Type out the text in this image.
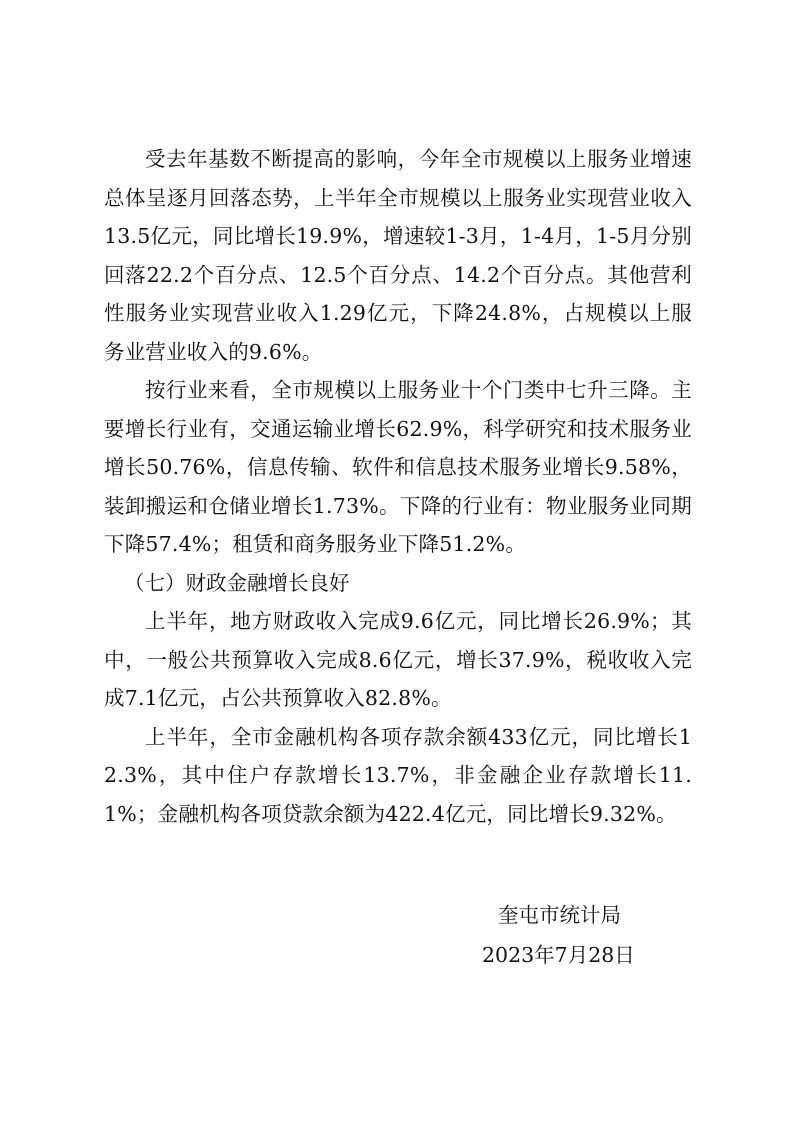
受去年基数不断提高的影响，今年全市规模以上服务业增速总体呈逐月回落态势，上半年全市规模以上服务业实现营业收入13.5亿元，同比增长19.9%，增速较1-3月，1-4月，1-5月分别回落22.2个百分点、12.5个百分点、14.2个百分点。其他营利性服务业实现营业收入1.29亿元，下降24.8%，占规模以上服务业营业收入的9.6%。

按行业来看，全市规模以上服务业十个门类中七升三降。主要增长行业有，交通运输业增长62.9%，科学研究和技术服务业增长50.76%，信息传输、软件和信息技术服务业增长9.58%，装卸搬运和仓储业增长1.73%。下降的行业有：物业服务业同期下降57.4%；租赁和商务服务业下降51.2%。

（七）财政金融增长良好

上半年，地方财政收入完成9.6亿元，同比增长26.9%；其中，一般公共预算收入完成8.6亿元，增长37.9%，税收收入完成7.1亿元，占公共预算收入82.8%。

上半年，全市金融机构各项存款余额433亿元，同比增长12.3%，其中住户存款增长13.7%，非金融企业存款增长11.1%；金融机构各项贷款余额为422.4亿元，同比增长9.32%。

奎屯市统计局

2023年7月28日
